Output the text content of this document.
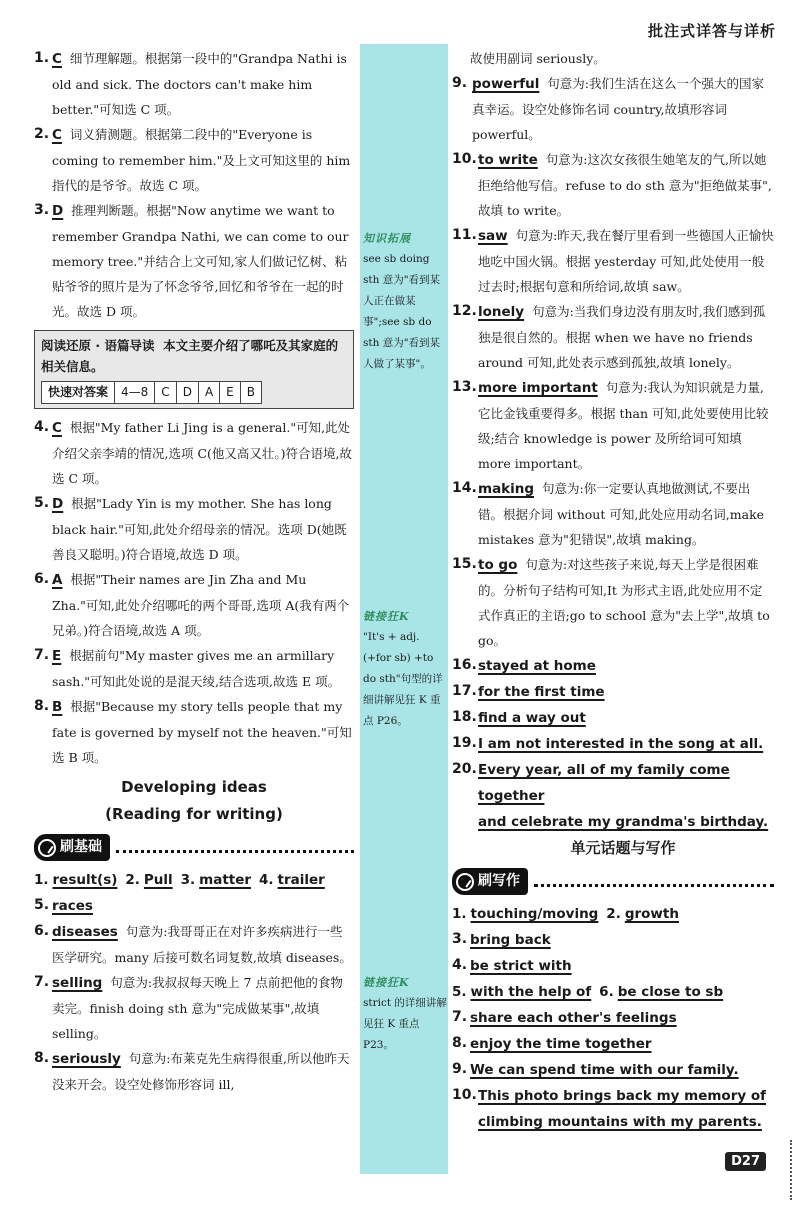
批注式详答与详析
知识拓展
see sb doing sth 意为"看到某人正在做某事";see sb do sth 意为"看到某人做了某事"。
链接狂K
"It's + adj. (+for sb) +to do sth"句型的详细讲解见狂 K 重点 P26。
链接狂K
strict 的详细讲解见狂 K 重点 P23。
1. C 细节理解题。根据第一段中的"Grandpa Nathi is old and sick. The doctors can't make him better."可知选 C 项。
2. C 词义猜测题。根据第二段中的"Everyone is coming to remember him."及上文可知这里的 him 指代的是爷爷。故选 C 项。
3. D 推理判断题。根据"Now anytime we want to remember Grandpa Nathi, we can come to our memory tree."并结合上文可知,家人们做记忆树、粘贴爷爷的照片是为了怀念爷爷,回忆和爷爷在一起的时光。故选 D 项。
阅读还原 · 语篇导读 本文主要介绍了哪吒及其家庭的相关信息。
快速对答案	4—8	C	D	A	E	B
4. C 根据"My father Li Jing is a general."可知,此处介绍父亲李靖的情况,选项 C(他又高又壮。)符合语境,故选 C 项。
5. D 根据"Lady Yin is my mother. She has long black hair."可知,此处介绍母亲的情况。选项 D(她既善良又聪明。)符合语境,故选 D 项。
6. A 根据"Their names are Jin Zha and Mu Zha."可知,此处介绍哪吒的两个哥哥,选项 A(我有两个兄弟。)符合语境,故选 A 项。
7. E 根据前句"My master gives me an armillary sash."可知此处说的是混天绫,结合选项,故选 E 项。
8. B 根据"Because my story tells people that my fate is governed by myself not the heaven."可知选 B 项。
Developing ideas
(Reading for writing)
刷基础
1. result(s) 2. Pull 3. matter 4. trailer
5. races
6. diseases 句意为:我哥哥正在对许多疾病进行一些医学研究。many 后接可数名词复数,故填 diseases。
7. selling 句意为:我叔叔每天晚上 7 点前把他的食物卖完。finish doing sth 意为"完成做某事",故填 selling。
8. seriously 句意为:布莱克先生病得很重,所以他昨天没来开会。设空处修饰形容词 ill,
故使用副词 seriously。
9. powerful 句意为:我们生活在这么一个强大的国家真幸运。设空处修饰名词 country,故填形容词 powerful。
10. to write 句意为:这次女孩很生她笔友的气,所以她拒绝给他写信。refuse to do sth 意为"拒绝做某事",故填 to write。
11. saw 句意为:昨天,我在餐厅里看到一些德国人正愉快地吃中国火锅。根据 yesterday 可知,此处使用一般过去时;根据句意和所给词,故填 saw。
12. lonely 句意为:当我们身边没有朋友时,我们感到孤独是很自然的。根据 when we have no friends around 可知,此处表示感到孤独,故填 lonely。
13. more important 句意为:我认为知识就是力量,它比金钱重要得多。根据 than 可知,此处要使用比较级;结合 knowledge is power 及所给词可知填 more important。
14. making 句意为:你一定要认真地做测试,不要出错。根据介词 without 可知,此处应用动名词,make mistakes 意为"犯错误",故填 making。
15. to go 句意为:对这些孩子来说,每天上学是很困难的。分析句子结构可知,It 为形式主语,此处应用不定式作真正的主语;go to school 意为"去上学",故填 to go。
16. stayed at home
17. for the first time
18. find a way out
19. I am not interested in the song at all.
20. Every year, all of my family come together
and celebrate my grandma's birthday.
单元话题与写作
刷写作
1. touching/moving 2. growth
3. bring back
4. be strict with
5. with the help of 6. be close to sb
7. share each other's feelings
8. enjoy the time together
9. We can spend time with our family.
10. This photo brings back my memory of
climbing mountains with my parents.
D27
